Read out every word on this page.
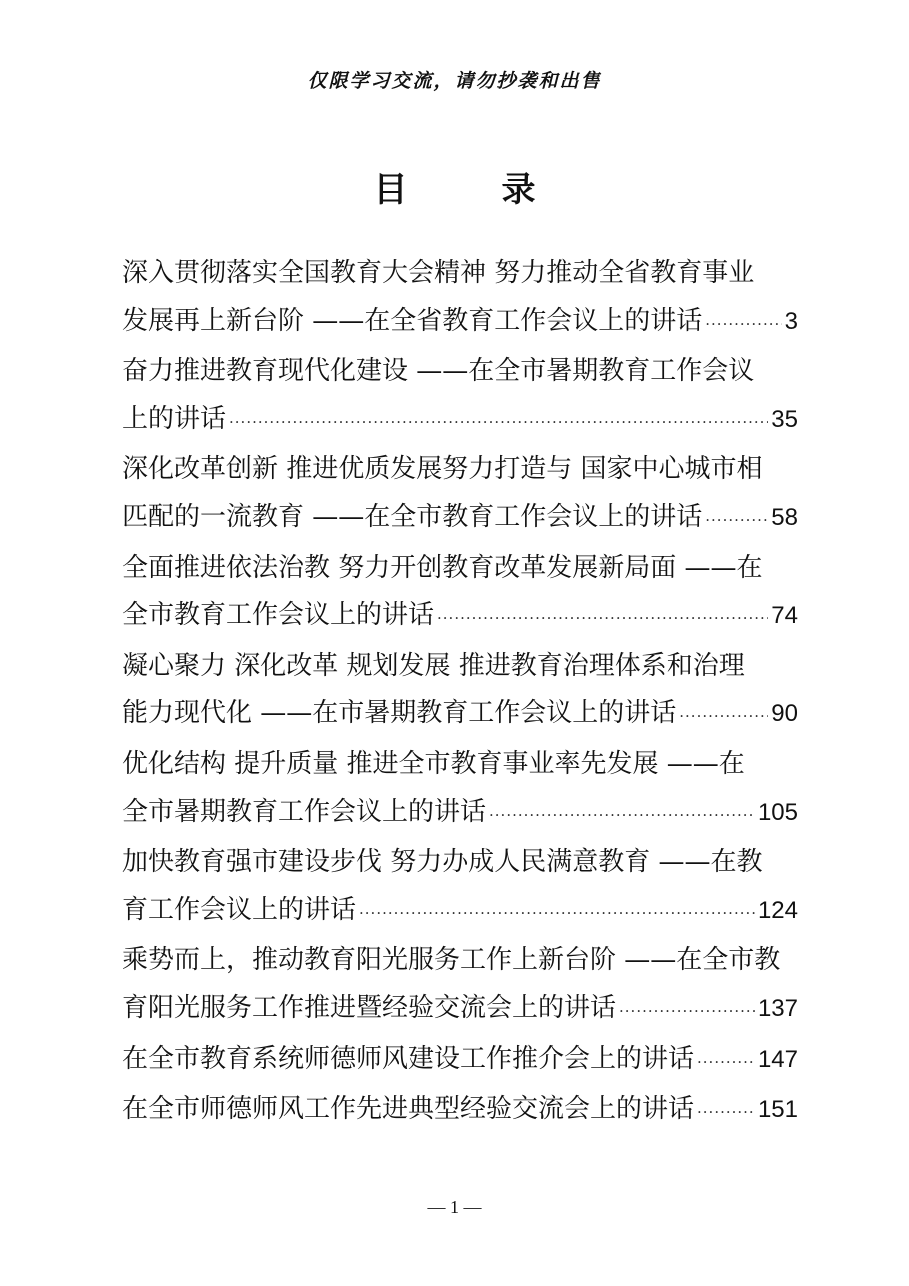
仅限学习交流，请勿抄袭和出售
目　录
深入贯彻落实全国教育大会精神 努力推动全省教育事业
发展再上新台阶 ——在全省教育工作会议上的讲话 ·····	3
奋力推进教育现代化建设 ——在全市暑期教育工作会议
上的讲话 ·····	35
深化改革创新 推进优质发展努力打造与 国家中心城市相
匹配的一流教育 ——在全市教育工作会议上的讲话 ·····	58
全面推进依法治教 努力开创教育改革发展新局面 ——在
全市教育工作会议上的讲话 ·····	74
凝心聚力 深化改革 规划发展 推进教育治理体系和治理
能力现代化 ——在市暑期教育工作会议上的讲话 ·····	90
优化结构 提升质量 推进全市教育事业率先发展 ——在
全市暑期教育工作会议上的讲话 ·····	105
加快教育强市建设步伐 努力办成人民满意教育 ——在教
育工作会议上的讲话 ·····	124
乘势而上，推动教育阳光服务工作上新台阶 ——在全市教
育阳光服务工作推进暨经验交流会上的讲话 ·····	137
在全市教育系统师德师风建设工作推介会上的讲话 ·····	147
在全市师德师风工作先进典型经验交流会上的讲话 ·····	151
— 1 —
